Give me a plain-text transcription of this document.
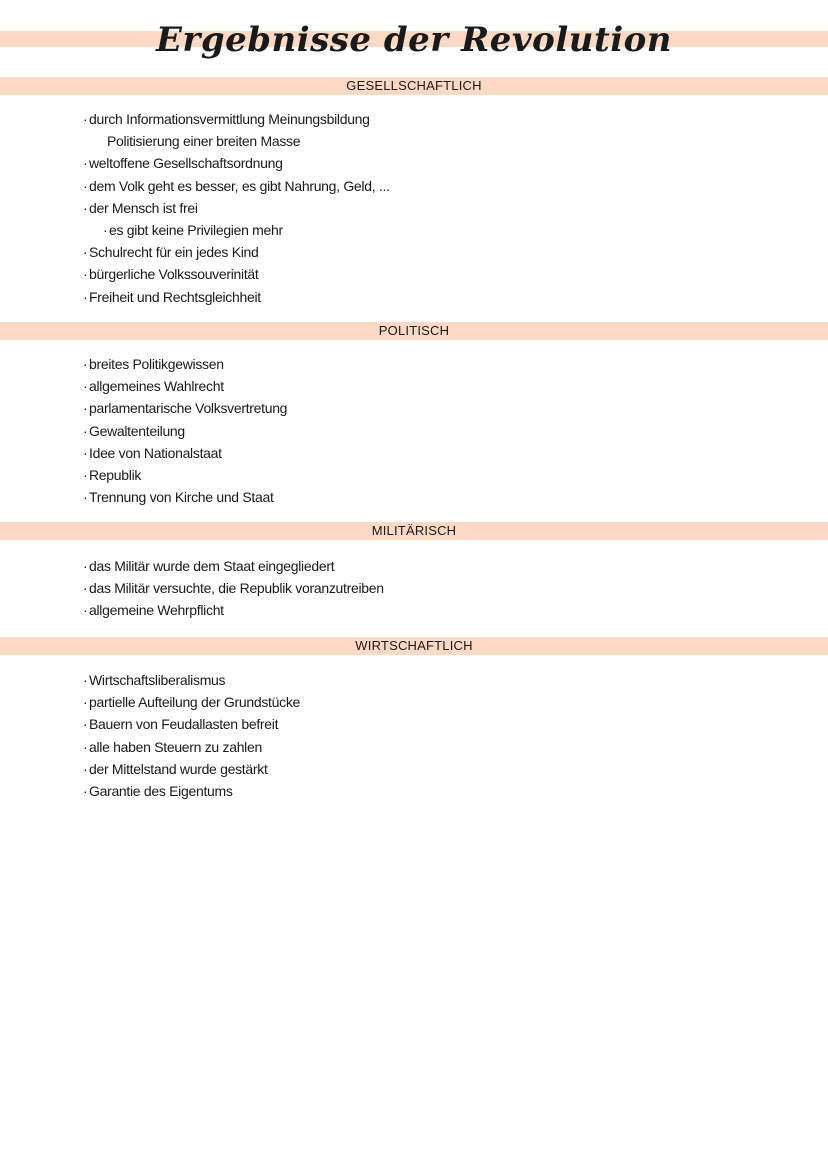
Ergebnisse der Revolution
GESELLSCHAFTLICH
· durch Informationsvermittlung Meinungsbildung
Politisierung einer breiten Masse
· weltoffene Gesellschaftsordnung
· dem Volk geht es besser, es gibt Nahrung, Geld, ...
· der Mensch ist frei
· es gibt keine Privilegien mehr
· Schulrecht für ein jedes Kind
· bürgerliche Volkssouverinität
· Freiheit und Rechtsgleichheit
POLITISCH
· breites Politikgewissen
· allgemeines Wahlrecht
· parlamentarische Volksvertretung
· Gewaltenteilung
· Idee von Nationalstaat
· Republik
· Trennung von Kirche und Staat
MILITÄRISCH
· das Militär wurde dem Staat eingegliedert
· das Militär versuchte, die Republik voranzutreiben
· allgemeine Wehrpflicht
WIRTSCHAFTLICH
· Wirtschaftsliberalismus
· partielle Aufteilung der Grundstücke
· Bauern von Feudallasten befreit
· alle haben Steuern zu zahlen
· der Mittelstand wurde gestärkt
· Garantie des Eigentums
